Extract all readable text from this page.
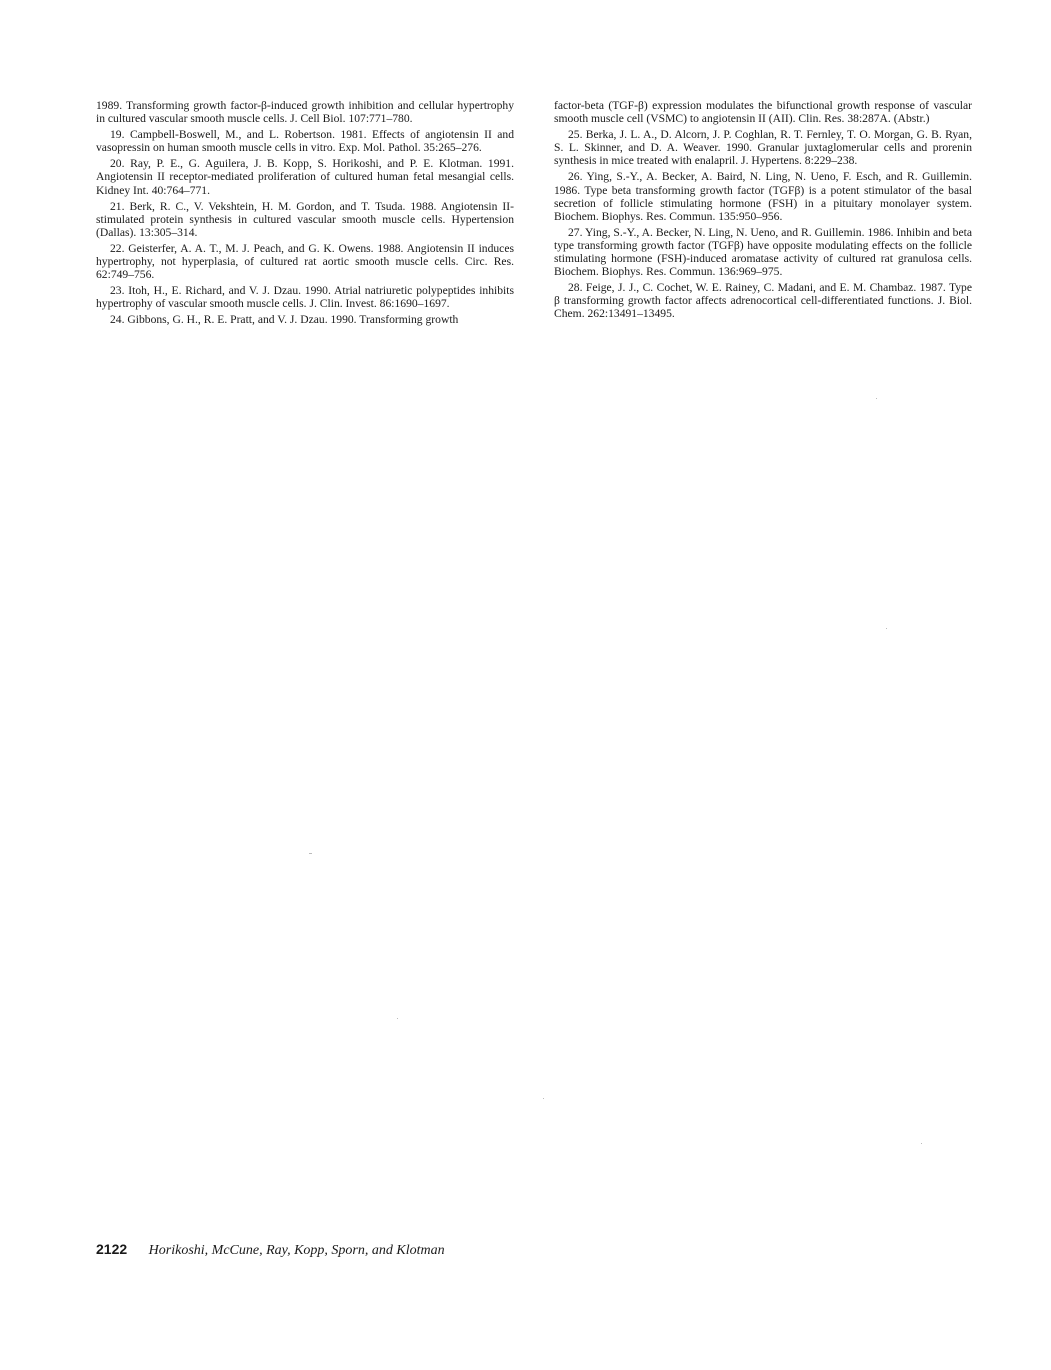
1989. Transforming growth factor-β-induced growth inhibition and cellular hypertrophy in cultured vascular smooth muscle cells. J. Cell Biol. 107:771–780.

19. Campbell-Boswell, M., and L. Robertson. 1981. Effects of angiotensin II and vasopressin on human smooth muscle cells in vitro. Exp. Mol. Pathol. 35:265–276.

20. Ray, P. E., G. Aguilera, J. B. Kopp, S. Horikoshi, and P. E. Klotman. 1991. Angiotensin II receptor-mediated proliferation of cultured human fetal mesangial cells. Kidney Int. 40:764–771.

21. Berk, R. C., V. Vekshtein, H. M. Gordon, and T. Tsuda. 1988. Angiotensin II-stimulated protein synthesis in cultured vascular smooth muscle cells. Hypertension (Dallas). 13:305–314.

22. Geisterfer, A. A. T., M. J. Peach, and G. K. Owens. 1988. Angiotensin II induces hypertrophy, not hyperplasia, of cultured rat aortic smooth muscle cells. Circ. Res. 62:749–756.

23. Itoh, H., E. Richard, and V. J. Dzau. 1990. Atrial natriuretic polypeptides inhibits hypertrophy of vascular smooth muscle cells. J. Clin. Invest. 86:1690–1697.

24. Gibbons, G. H., R. E. Pratt, and V. J. Dzau. 1990. Transforming growth

factor-beta (TGF-β) expression modulates the bifunctional growth response of vascular smooth muscle cell (VSMC) to angiotensin II (AII). Clin. Res. 38:287A. (Abstr.)

25. Berka, J. L. A., D. Alcorn, J. P. Coghlan, R. T. Fernley, T. O. Morgan, G. B. Ryan, S. L. Skinner, and D. A. Weaver. 1990. Granular juxtaglomerular cells and prorenin synthesis in mice treated with enalapril. J. Hypertens. 8:229–238.

26. Ying, S.-Y., A. Becker, A. Baird, N. Ling, N. Ueno, F. Esch, and R. Guillemin. 1986. Type beta transforming growth factor (TGFβ) is a potent stimulator of the basal secretion of follicle stimulating hormone (FSH) in a pituitary monolayer system. Biochem. Biophys. Res. Commun. 135:950–956.

27. Ying, S.-Y., A. Becker, N. Ling, N. Ueno, and R. Guillemin. 1986. Inhibin and beta type transforming growth factor (TGFβ) have opposite modulating effects on the follicle stimulating hormone (FSH)-induced aromatase activity of cultured rat granulosa cells. Biochem. Biophys. Res. Commun. 136:969–975.

28. Feige, J. J., C. Cochet, W. E. Rainey, C. Madani, and E. M. Chambaz. 1987. Type β transforming growth factor affects adrenocortical cell-differentiated functions. J. Biol. Chem. 262:13491–13495.

2122 Horikoshi, McCune, Ray, Kopp, Sporn, and Klotman
